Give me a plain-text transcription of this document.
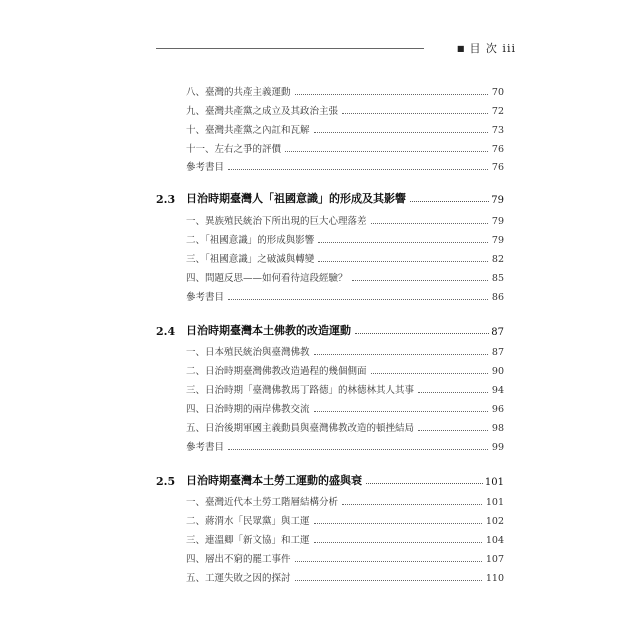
■ 目 次 iii
八、臺灣的共產主義運動	70
九、臺灣共產黨之成立及其政治主張	72
十、臺灣共產黨之內訌和瓦解	73
十一、左右之爭的評價	76
參考書目	76
2.3 日治時期臺灣人「祖國意識」的形成及其影響	79
一、異族殖民統治下所出現的巨大心理落差	79
二、「祖國意識」的形成與影響	79
三、「祖國意識」之破滅與轉變	82
四、問題反思——如何看待這段經驗？	85
參考書目	86
2.4 日治時期臺灣本土佛教的改造運動	87
一、日本殖民統治與臺灣佛教	87
二、日治時期臺灣佛教改造過程的幾個側面	90
三、日治時期「臺灣佛教馬丁路德」的林德林其人其事	94
四、日治時期的兩岸佛教交流	96
五、日治後期軍國主義動員與臺灣佛教改造的頓挫結局	98
參考書目	99
2.5 日治時期臺灣本土勞工運動的盛與衰	101
一、臺灣近代本土勞工階層結構分析	101
二、蔣渭水「民眾黨」與工運	102
三、連溫卿「新文協」和工運	104
四、層出不窮的罷工事件	107
五、工運失敗之因的探討	110
